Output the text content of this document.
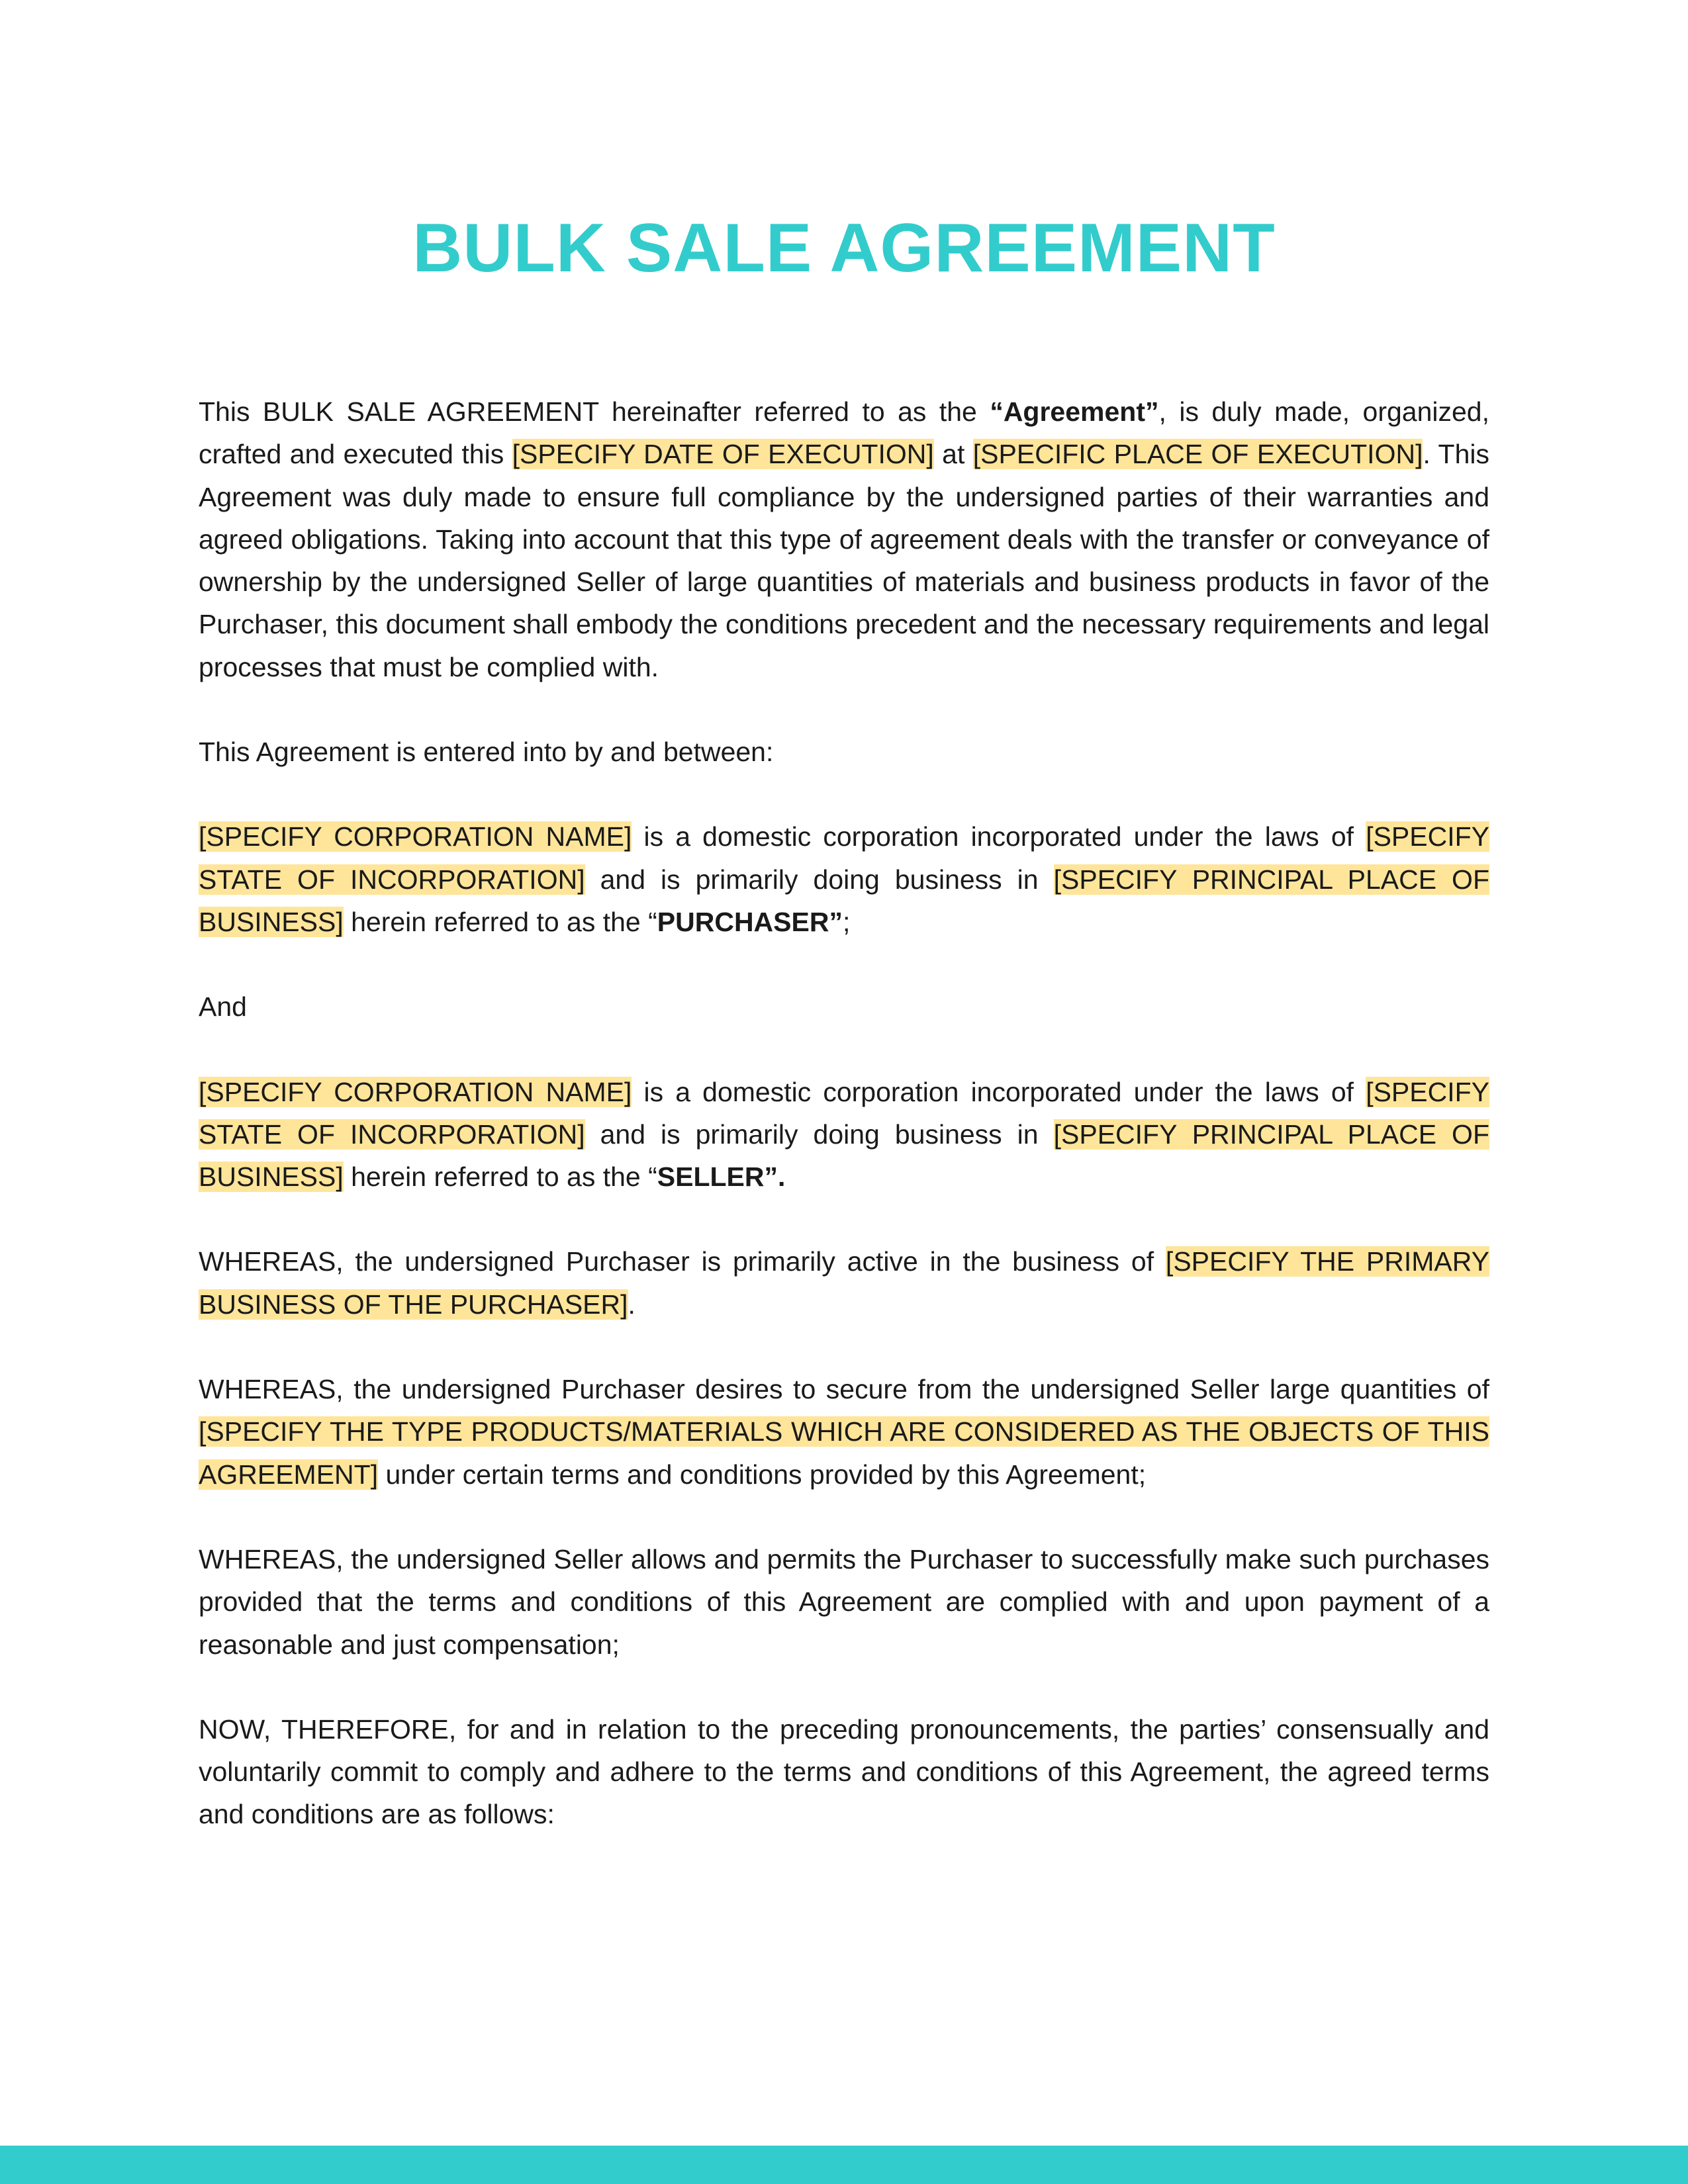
BULK SALE AGREEMENT

This BULK SALE AGREEMENT hereinafter referred to as the “Agreement”, is duly made, organized, crafted and executed this [SPECIFY DATE OF EXECUTION] at [SPECIFIC PLACE OF EXECUTION]. This Agreement was duly made to ensure full compliance by the undersigned parties of their warranties and agreed obligations. Taking into account that this type of agreement deals with the transfer or conveyance of ownership by the undersigned Seller of large quantities of materials and business products in favor of the Purchaser, this document shall embody the conditions precedent and the necessary requirements and legal processes that must be complied with.

This Agreement is entered into by and between:

[SPECIFY CORPORATION NAME] is a domestic corporation incorporated under the laws of [SPECIFY STATE OF INCORPORATION] and is primarily doing business in [SPECIFY PRINCIPAL PLACE OF BUSINESS] herein referred to as the “PURCHASER”;

And

[SPECIFY CORPORATION NAME] is a domestic corporation incorporated under the laws of [SPECIFY STATE OF INCORPORATION] and is primarily doing business in [SPECIFY PRINCIPAL PLACE OF BUSINESS] herein referred to as the “SELLER”.

WHEREAS, the undersigned Purchaser is primarily active in the business of [SPECIFY THE PRIMARY BUSINESS OF THE PURCHASER].

WHEREAS, the undersigned Purchaser desires to secure from the undersigned Seller large quantities of [SPECIFY THE TYPE PRODUCTS/MATERIALS WHICH ARE CONSIDERED AS THE OBJECTS OF THIS AGREEMENT] under certain terms and conditions provided by this Agreement;

WHEREAS, the undersigned Seller allows and permits the Purchaser to successfully make such purchases provided that the terms and conditions of this Agreement are complied with and upon payment of a reasonable and just compensation;

NOW, THEREFORE, for and in relation to the preceding pronouncements, the parties’ consensually and voluntarily commit to comply and adhere to the terms and conditions of this Agreement, the agreed terms and conditions are as follows:
